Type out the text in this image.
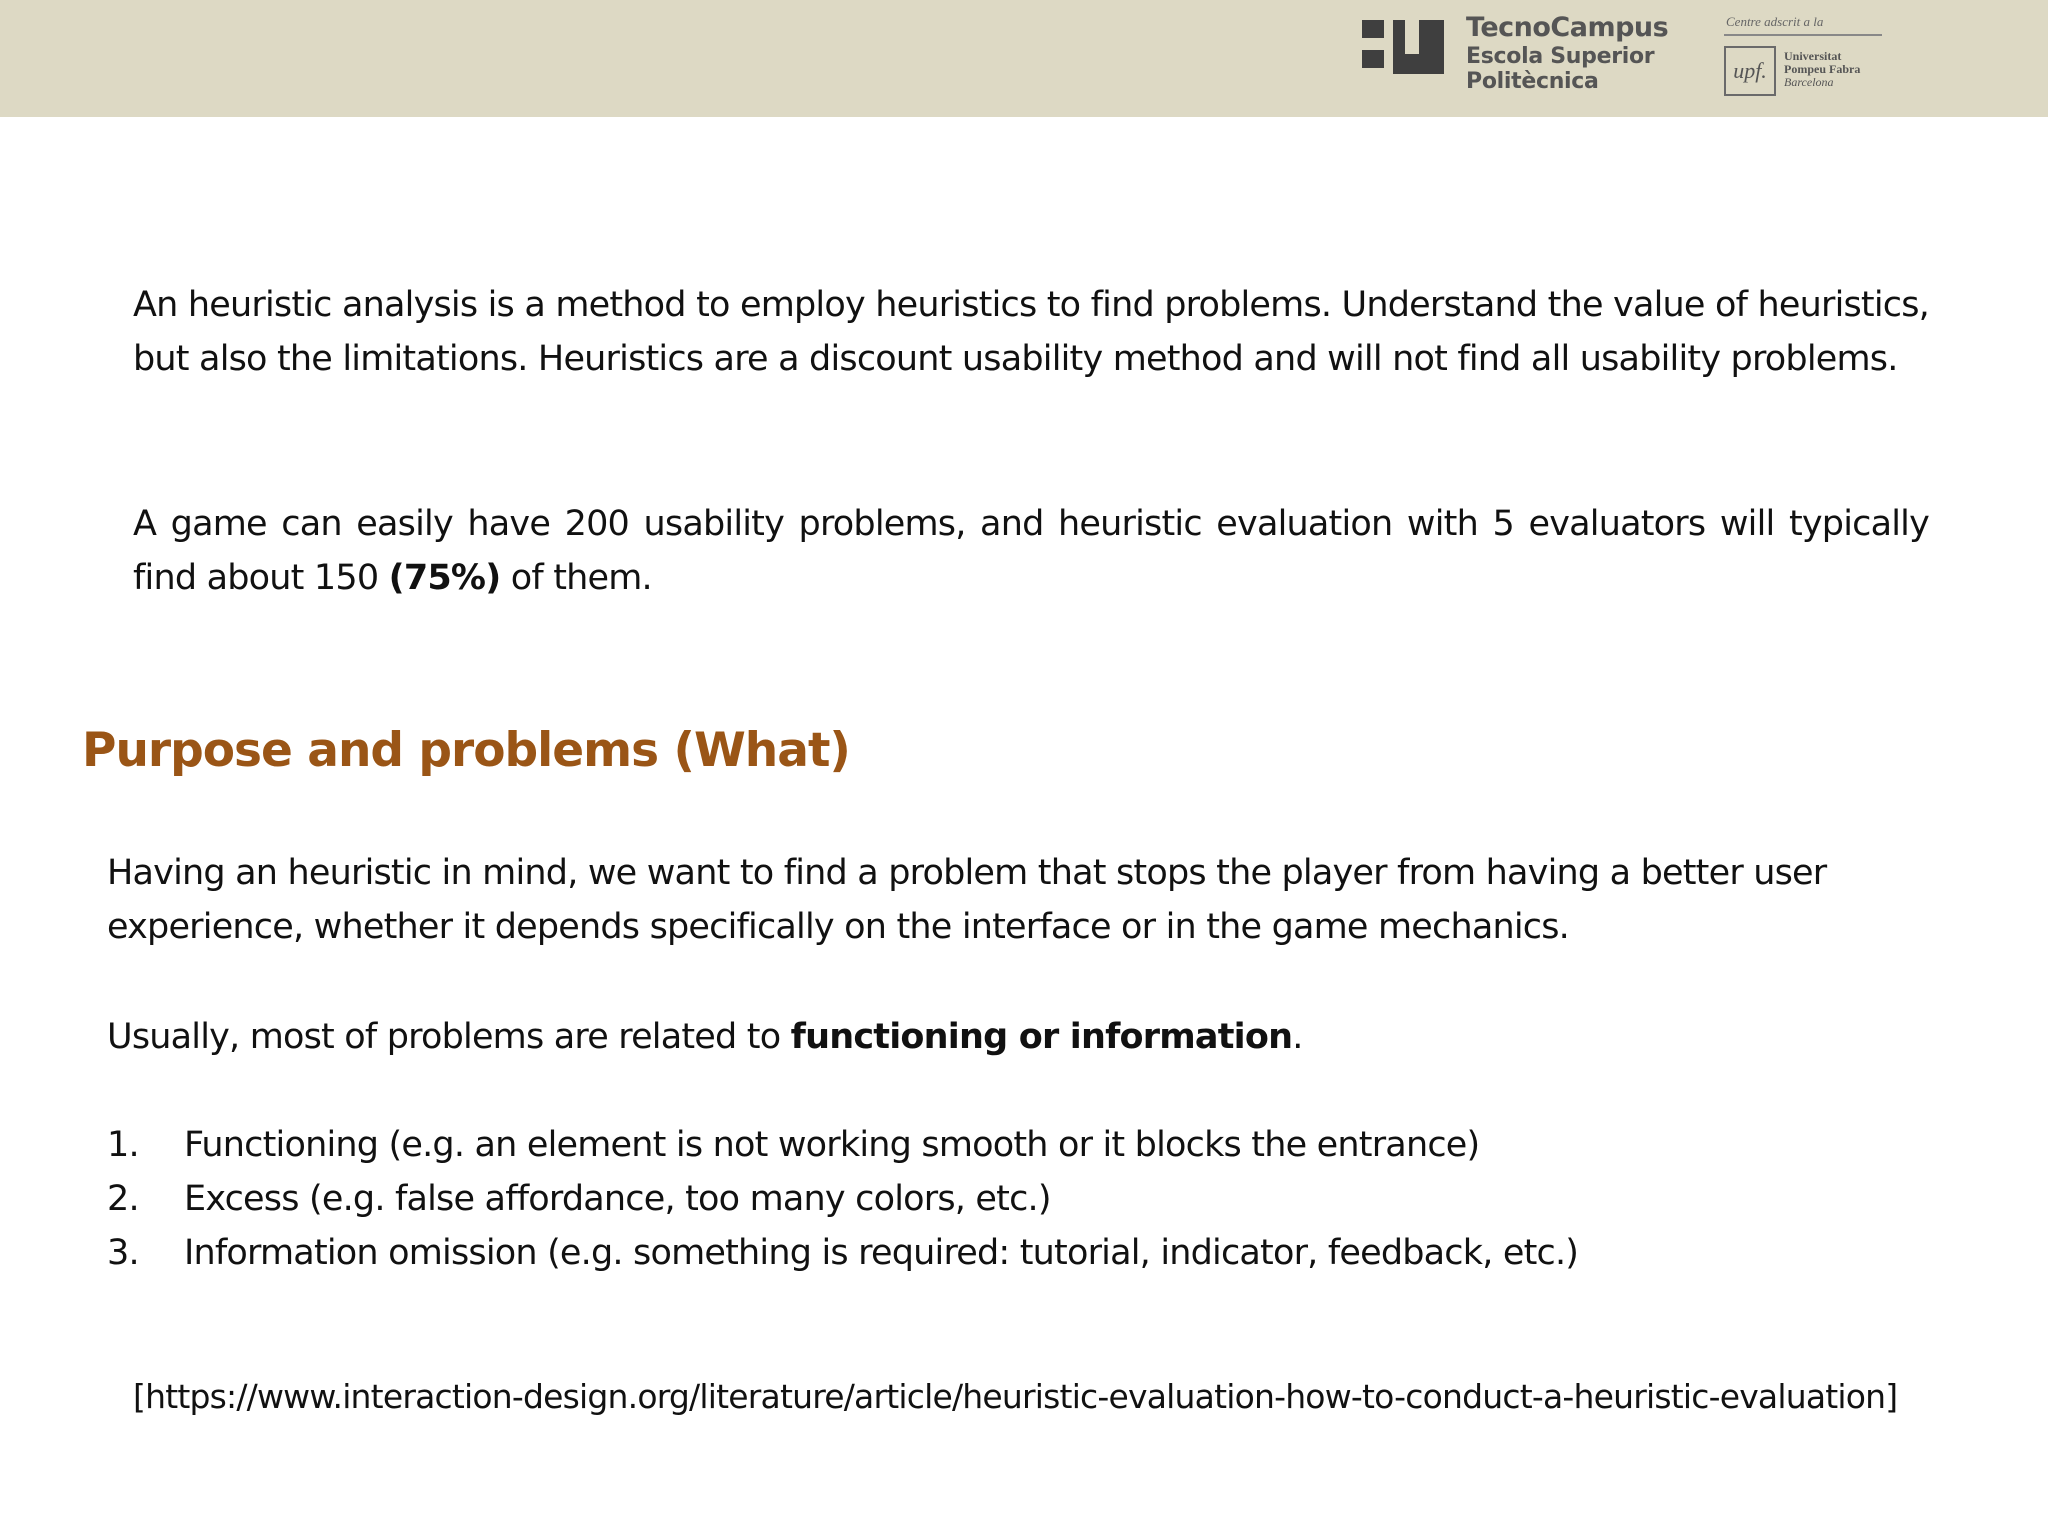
TecnoCampus
Escola Superior
Politècnica
Centre adscrit a la
upf.
Universitat
Pompeu Fabra
Barcelona

An heuristic analysis is a method to employ heuristics to find problems. Understand the value of heuristics, but also the limitations. Heuristics are a discount usability method and will not find all usability problems.

A game can easily have 200 usability problems, and heuristic evaluation with 5 evaluators will typically find about 150 (75%) of them.

Purpose and problems (What)

Having an heuristic in mind, we want to find a problem that stops the player from having a better user experience, whether it depends specifically on the interface or in the game mechanics.

Usually, most of problems are related to functioning or information.

1. Functioning (e.g. an element is not working smooth or it blocks the entrance)
2. Excess (e.g. false affordance, too many colors, etc.)
3. Information omission (e.g. something is required: tutorial, indicator, feedback, etc.)

[https://www.interaction-design.org/literature/article/heuristic-evaluation-how-to-conduct-a-heuristic-evaluation]
